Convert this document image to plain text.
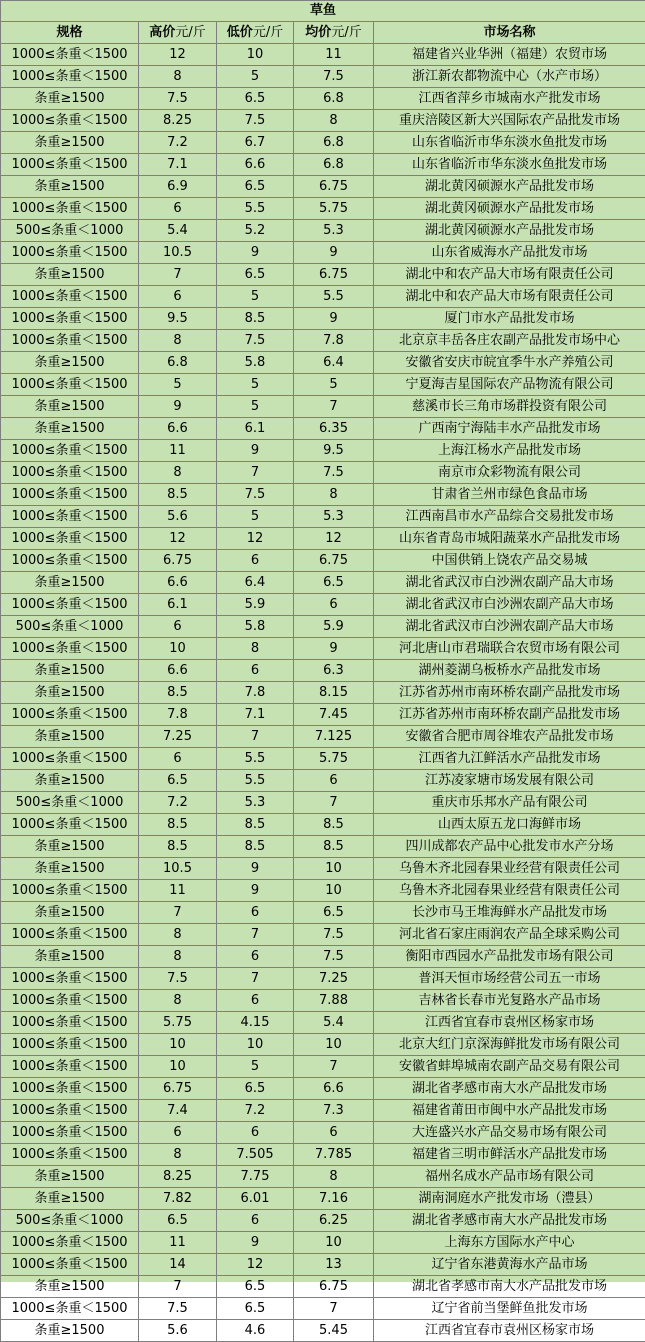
草鱼				
规格	高价元/斤	低价元/斤	均价元/斤	市场名称
1000≤条重＜1500	12	10	11	福建省兴业华洲（福建）农贸市场
1000≤条重＜1500	8	5	7.5	浙江新农都物流中心（水产市场）
条重≥1500	7.5	6.5	6.8	江西省萍乡市城南水产批发市场
1000≤条重＜1500	8.25	7.5	8	重庆涪陵区新大兴国际农产品批发市场
条重≥1500	7.2	6.7	6.8	山东省临沂市华东淡水鱼批发市场
1000≤条重＜1500	7.1	6.6	6.8	山东省临沂市华东淡水鱼批发市场
条重≥1500	6.9	6.5	6.75	湖北黄冈硕源水产品批发市场
1000≤条重＜1500	6	5.5	5.75	湖北黄冈硕源水产品批发市场
500≤条重＜1000	5.4	5.2	5.3	湖北黄冈硕源水产品批发市场
1000≤条重＜1500	10.5	9	9	山东省威海水产品批发市场
条重≥1500	7	6.5	6.75	湖北中和农产品大市场有限责任公司
1000≤条重＜1500	6	5	5.5	湖北中和农产品大市场有限责任公司
1000≤条重＜1500	9.5	8.5	9	厦门市水产品批发市场
1000≤条重＜1500	8	7.5	7.8	北京京丰岳各庄农副产品批发市场中心
条重≥1500	6.8	5.8	6.4	安徽省安庆市皖宜季牛水产养殖公司
1000≤条重＜1500	5	5	5	宁夏海吉星国际农产品物流有限公司
条重≥1500	9	5	7	慈溪市长三角市场群投资有限公司
条重≥1500	6.6	6.1	6.35	广西南宁海陆丰水产品批发市场
1000≤条重＜1500	11	9	9.5	上海江杨水产品批发市场
1000≤条重＜1500	8	7	7.5	南京市众彩物流有限公司
1000≤条重＜1500	8.5	7.5	8	甘肃省兰州市绿色食品市场
1000≤条重＜1500	5.6	5	5.3	江西南昌市水产品综合交易批发市场
1000≤条重＜1500	12	12	12	山东省青岛市城阳蔬菜水产品批发市场
1000≤条重＜1500	6.75	6	6.75	中国供销上饶农产品交易城
条重≥1500	6.6	6.4	6.5	湖北省武汉市白沙洲农副产品大市场
1000≤条重＜1500	6.1	5.9	6	湖北省武汉市白沙洲农副产品大市场
500≤条重＜1000	6	5.8	5.9	湖北省武汉市白沙洲农副产品大市场
1000≤条重＜1500	10	8	9	河北唐山市君瑞联合农贸市场有限公司
条重≥1500	6.6	6	6.3	湖州菱湖乌板桥水产品批发市场
条重≥1500	8.5	7.8	8.15	江苏省苏州市南环桥农副产品批发市场
1000≤条重＜1500	7.8	7.1	7.45	江苏省苏州市南环桥农副产品批发市场
条重≥1500	7.25	7	7.125	安徽省合肥市周谷堆农产品批发市场
1000≤条重＜1500	6	5.5	5.75	江西省九江鲜活水产品批发市场
条重≥1500	6.5	5.5	6	江苏凌家塘市场发展有限公司
500≤条重＜1000	7.2	5.3	7	重庆市乐邦水产品有限公司
1000≤条重＜1500	8.5	8.5	8.5	山西太原五龙口海鲜市场
条重≥1500	8.5	8.5	8.5	四川成都农产品中心批发市水产分场
条重≥1500	10.5	9	10	乌鲁木齐北园春果业经营有限责任公司
1000≤条重＜1500	11	9	10	乌鲁木齐北园春果业经营有限责任公司
条重≥1500	7	6	6.5	长沙市马王堆海鲜水产品批发市场
1000≤条重＜1500	8	7	7.5	河北省石家庄雨润农产品全球采购公司
条重≥1500	8	6	7.5	衡阳市西园水产品批发市场有限公司
1000≤条重＜1500	7.5	7	7.25	普洱天恒市场经营公司五一市场
1000≤条重＜1500	8	6	7.88	吉林省长春市光复路水产品市场
1000≤条重＜1500	5.75	4.15	5.4	江西省宜春市袁州区杨家市场
1000≤条重＜1500	10	10	10	北京大红门京深海鲜批发市场有限公司
1000≤条重＜1500	10	5	7	安徽省蚌埠城南农副产品交易有限公司
1000≤条重＜1500	6.75	6.5	6.6	湖北省孝感市南大水产品批发市场
1000≤条重＜1500	7.4	7.2	7.3	福建省莆田市闽中水产品批发市场
1000≤条重＜1500	6	6	6	大连盛兴水产品交易市场有限公司
1000≤条重＜1500	8	7.505	7.785	福建省三明市鲜活水产品批发市场
条重≥1500	8.25	7.75	8	福州名成水产品市场有限公司
条重≥1500	7.82	6.01	7.16	湖南洞庭水产批发市场（澧县）
500≤条重＜1000	6.5	6	6.25	湖北省孝感市南大水产品批发市场
1000≤条重＜1500	11	9	10	上海东方国际水产中心
1000≤条重＜1500	14	12	13	辽宁省东港黄海水产品市场
条重≥1500	7	6.5	6.75	湖北省孝感市南大水产品批发市场
1000≤条重＜1500	7.5	6.5	7	辽宁省前当堡鲜鱼批发市场
条重≥1500	5.6	4.6	5.45	江西省宜春市袁州区杨家市场
